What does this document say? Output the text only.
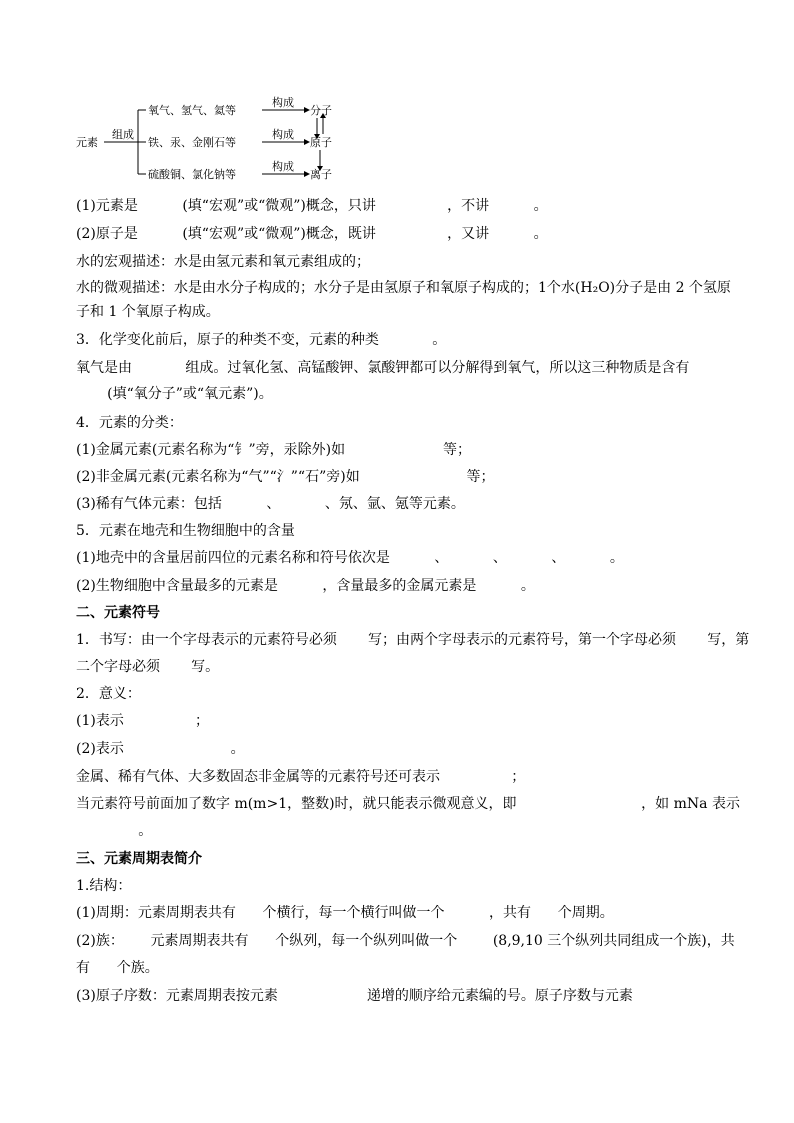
元素
组成
氧气、氢气、氦等
铁、汞、金刚石等
硫酸铜、氯化钠等
构成
构成
构成
分子
原子
离子
(1)元素是          (填“宏观”或“微观”)概念，只讲                ，不讲          。
(2)原子是          (填“宏观”或“微观”)概念，既讲                ，又讲          。
水的宏观描述：水是由氢元素和氧元素组成的；
水的微观描述：水是由水分子构成的；水分子是由氢原子和氧原子构成的；1个水(H₂O)分子是由 2 个氢原
子和 1 个氧原子构成。
3．化学变化前后，原子的种类不变，元素的种类            。
氧气是由            组成。过氧化氢、高锰酸钾、氯酸钾都可以分解得到氧气，所以这三种物质是含有
(填“氧分子”或“氧元素”)。
4．元素的分类：
(1)金属元素(元素名称为“钅”旁，汞除外)如                      等；
(2)非金属元素(元素名称为“气”“氵”“石”旁)如                        等；
(3)稀有气体元素：包括          、          、氖、氩、氪等元素。
5．元素在地壳和生物细胞中的含量
(1)地壳中的含量居前四位的元素名称和符号依次是          、          、          、          。
(2)生物细胞中含量最多的元素是          ，含量最多的金属元素是          。
二、元素符号
1．书写：由一个字母表示的元素符号必须       写；由两个字母表示的元素符号，第一个字母必须       写，第
二个字母必须       写。
2．意义：
(1)表示                ；
(2)表示                        。
金属、稀有气体、大多数固态非金属等的元素符号还可表示                ；
当元素符号前面加了数字 m(m>1，整数)时，就只能表示微观意义，即                            ，如 mNa 表示
。
三、元素周期表简介
1.结构：
(1)周期：元素周期表共有      个横行，每一个横行叫做一个          ，共有      个周期。
(2)族：      元素周期表共有      个纵列，每一个纵列叫做一个        (8,9,10 三个纵列共同组成一个族)，共
有      个族。
(3)原子序数：元素周期表按元素                    递增的顺序给元素编的号。原子序数与元素
